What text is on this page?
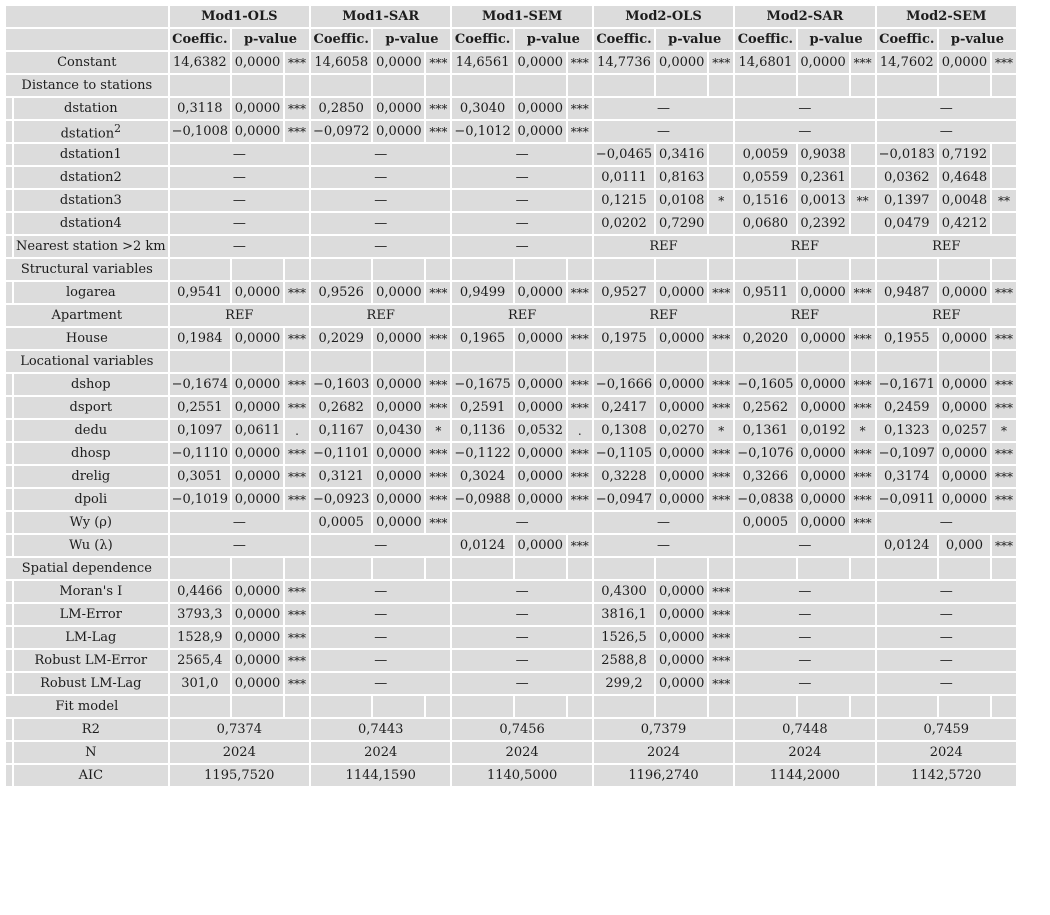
		Mod1-OLS			Mod1-SAR			Mod1-SEM			Mod2-OLS			Mod2-SAR			Mod2-SEM		
		Coeffic.	p-value		Coeffic.	p-value		Coeffic.	p-value		Coeffic.	p-value		Coeffic.	p-value		Coeffic.	p-value	
Constant		14,6382	0,0000	***	14,6058	0,0000	***	14,6561	0,0000	***	14,7736	0,0000	***	14,6801	0,0000	***	14,7602	0,0000	***
Distance to stations																			
	dstation	0,3118	0,0000	***	0,2850	0,0000	***	0,3040	0,0000	***	—			—			—		
	dstation$^2$	−0,1008	0,0000	***	−0,0972	0,0000	***	−0,1012	0,0000	***	—			—			—		
	dstation1	—			—			—			−0,0465	0,3416		0,0059	0,9038		−0,0183	0,7192	
	dstation2	—			—			—			0,0111	0,8163		0,0559	0,2361		0,0362	0,4648	
	dstation3	—			—			—			0,1215	0,0108	*	0,1516	0,0013	**	0,1397	0,0048	**
	dstation4	—			—			—			0,0202	0,7290		0,0680	0,2392		0,0479	0,4212	
	Nearest station >2 km	—			—			—			REF			REF			REF		
Structural variables																			
	logarea	0,9541	0,0000	***	0,9526	0,0000	***	0,9499	0,0000	***	0,9527	0,0000	***	0,9511	0,0000	***	0,9487	0,0000	***
Apartment		REF			REF			REF			REF			REF			REF		
House		0,1984	0,0000	***	0,2029	0,0000	***	0,1965	0,0000	***	0,1975	0,0000	***	0,2020	0,0000	***	0,1955	0,0000	***
Locational variables																			
	dshop	−0,1674	0,0000	***	−0,1603	0,0000	***	−0,1675	0,0000	***	−0,1666	0,0000	***	−0,1605	0,0000	***	−0,1671	0,0000	***
	dsport	0,2551	0,0000	***	0,2682	0,0000	***	0,2591	0,0000	***	0,2417	0,0000	***	0,2562	0,0000	***	0,2459	0,0000	***
	dedu	0,1097	0,0611	.	0,1167	0,0430	*	0,1136	0,0532	.	0,1308	0,0270	*	0,1361	0,0192	*	0,1323	0,0257	*
	dhosp	−0,1110	0,0000	***	−0,1101	0,0000	***	−0,1122	0,0000	***	−0,1105	0,0000	***	−0,1076	0,0000	***	−0,1097	0,0000	***
	drelig	0,3051	0,0000	***	0,3121	0,0000	***	0,3024	0,0000	***	0,3228	0,0000	***	0,3266	0,0000	***	0,3174	0,0000	***
	dpoli	−0,1019	0,0000	***	−0,0923	0,0000	***	−0,0988	0,0000	***	−0,0947	0,0000	***	−0,0838	0,0000	***	−0,0911	0,0000	***
	Wy (ρ)	—			0,0005	0,0000	***	—			—			0,0005	0,0000	***	—		
	Wu (λ)	—			—			0,0124	0,0000	***	—			—			0,0124	0,000	***
Spatial dependence																			
	Moran's I	0,4466	0,0000	***	—			—			0,4300	0,0000	***	—			—		
	LM-Error	3793,3	0,0000	***	—			—			3816,1	0,0000	***	—			—		
	LM-Lag	1528,9	0,0000	***	—			—			1526,5	0,0000	***	—			—		
	Robust LM-Error	2565,4	0,0000	***	—			—			2588,8	0,0000	***	—			—		
	Robust LM-Lag	301,0	0,0000	***	—			—			299,2	0,0000	***	—			—		
Fit model																			
	R2	0,7374			0,7443			0,7456			0,7379			0,7448			0,7459		
	N	2024			2024			2024			2024			2024			2024		
	AIC	1195,7520			1144,1590			1140,5000			1196,2740			1144,2000			1142,5720		
